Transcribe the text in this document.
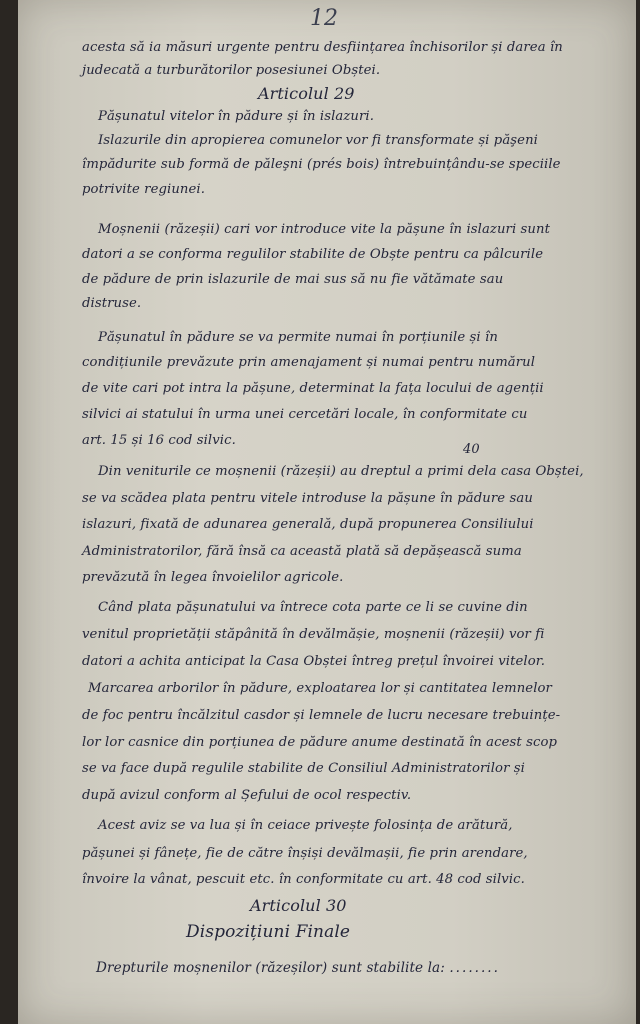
12
acesta să ia măsuri urgente pentru desființarea închisorilor și darea în
judecată a turburătorilor posesiunei Obștei.
Articolul 29
Pășunatul vitelor în pădure și în islazuri.
Islazurile din apropierea comunelor vor fi transformate și păşeni
împădurite sub formă de păleşni (prés bois) întrebuințându-se speciile
potrivite regiunei.
Moșnenii (răzeșii) cari vor introduce vite la pășune în islazuri sunt
datori a se conforma regulilor stabilite de Obște pentru ca pâlcurile
de pădure de prin islazurile de mai sus să nu fie vătămate sau
distruse.
Pășunatul în pădure se va permite numai în porțiunile și în
condițiunile prevăzute prin amenajament și numai pentru numărul
de vite cari pot intra la pășune, determinat la fața locului de agenții
silvici ai statului în urma unei cercetări locale, în conformitate cu
art. 15 și 16 cod silvic.
40
Din veniturile ce moșnenii (răzeșii) au dreptul a primi dela casa Obștei,
se va scădea plata pentru vitele introduse la pășune în pădure sau
islazuri, fixată de adunarea generală, după propunerea Consiliului
Administratorilor, fără însă ca această plată să depășească suma
prevăzută în legea învoielilor agricole.
Când plata pășunatului va întrece cota parte ce li se cuvine din
venitul proprietății stăpânită în devălmășie, moșnenii (răzeșii) vor fi
datori a achita anticipat la Casa Obștei întreg prețul învoirei vitelor.
Marcarea arborilor în pădure, exploatarea lor și cantitatea lemnelor
de foc pentru încălzitul casdor și lemnele de lucru necesare trebuințe-
lor lor casnice din porțiunea de pădure anume destinată în acest scop
se va face după regulile stabilite de Consiliul Administratorilor și
după avizul conform al Șefului de ocol respectiv.
Acest aviz se va lua și în ceiace privește folosința de arătură,
pășunei și fânețe, fie de către înșiși devălmașii, fie prin arendare,
învoire la vânat, pescuit etc. în conformitate cu art. 48 cod silvic.
Articolul 30
Dispozițiuni Finale
Drepturile moșnenilor (răzeșilor) sunt stabilite la: ........
